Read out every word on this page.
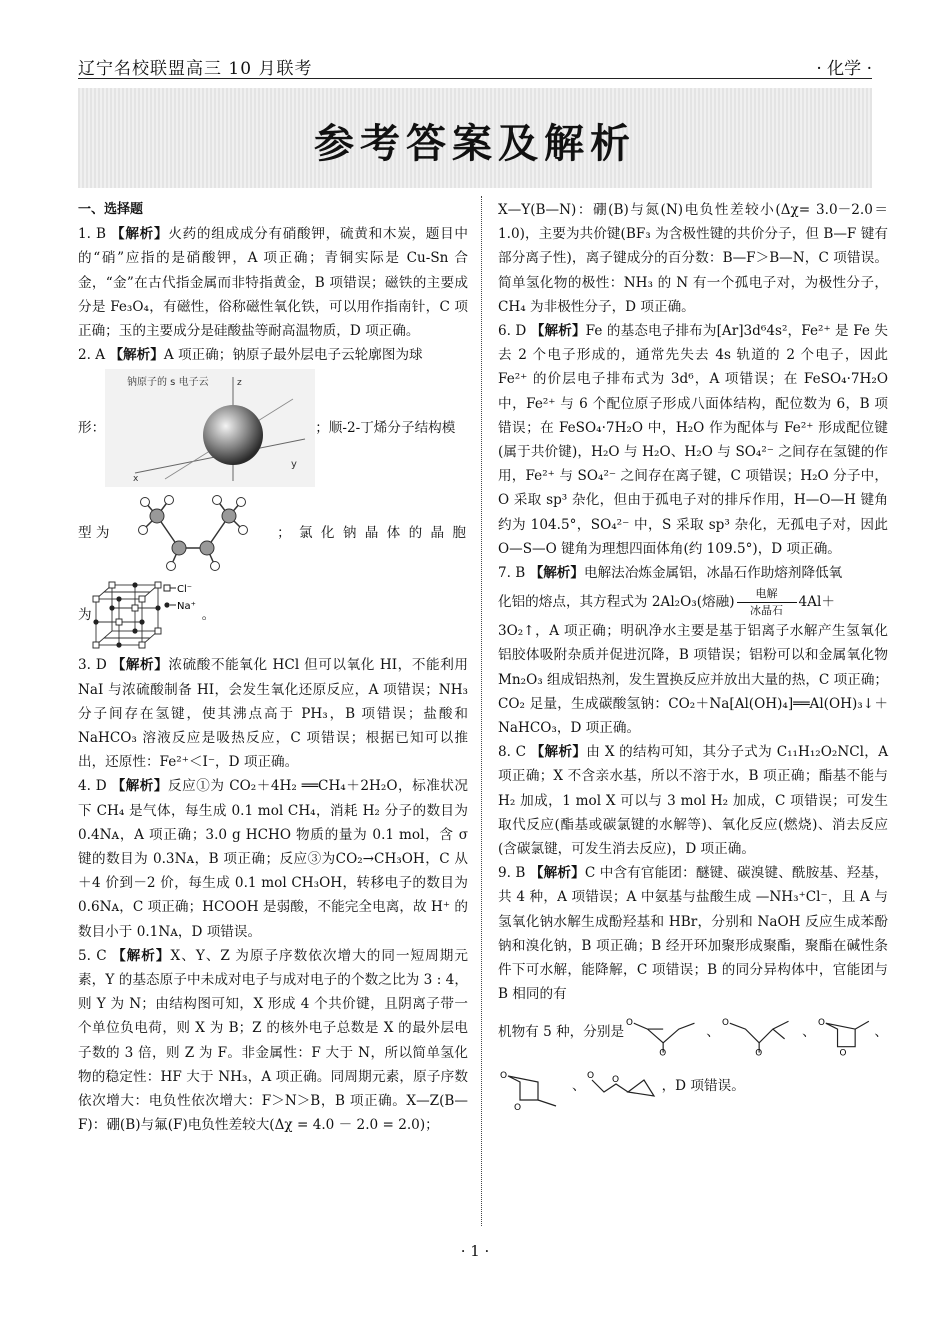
辽宁名校联盟高三 10 月联考	· 化学 ·
参考答案及解析

一、选择题

1. B 【解析】火药的组成成分有硝酸钾，硫黄和木炭，题目中的“硝”应指的是硝酸钾，A 项正确；青铜实际是 Cu-Sn 合金，“金”在古代指金属而非特指黄金，B 项错误；磁铁的主要成分是 Fe₃O₄，有磁性，俗称磁性氧化铁，可以用作指南针，C 项正确；玉的主要成分是硅酸盐等耐高温物质，D 项正确。

2. A 【解析】A 项正确；钠原子最外层电子云轮廓图为球

形：
钠原子的 s 电子云
y
z
x
；顺-2-丁烯分子结构模
型 为	； 氯 化 钠 晶 体 的 晶 胞
为
Cl⁻
Na⁺
。

3. D 【解析】浓硫酸不能氧化 HCl 但可以氧化 HI，不能利用 NaI 与浓硫酸制备 HI，会发生氧化还原反应，A 项错误；NH₃ 分子间存在氢键，使其沸点高于 PH₃，B 项错误；盐酸和 NaHCO₃ 溶液反应是吸热反应，C 项错误；根据已知可以推出，还原性：Fe²⁺＜I⁻，D 项正确。

4. D 【解析】反应①为 CO₂＋4H₂ ══CH₄＋2H₂O，标准状况下 CH₄ 是气体，每生成 0.1 mol CH₄，消耗 H₂ 分子的数目为 0.4Nᴀ，A 项正确；3.0 g HCHO 物质的量为 0.1 mol，含 σ 键的数目为 0.3Nᴀ，B 项正确；反应③为CO₂→CH₃OH，C 从＋4 价到－2 价，每生成 0.1 mol CH₃OH，转移电子的数目为 0.6Nᴀ，C 项正确；HCOOH 是弱酸，不能完全电离，故 H⁺ 的数目小于 0.1Nᴀ，D 项错误。

5. C 【解析】X、Y、Z 为原子序数依次增大的同一短周期元素，Y 的基态原子中未成对电子与成对电子的个数之比为 3 : 4，则 Y 为 N；由结构图可知，X 形成 4 个共价键，且阴离子带一个单位负电荷，则 X 为 B；Z 的核外电子总数是 X 的最外层电子数的 3 倍，则 Z 为 F。非金属性：F 大于 N，所以简单氢化物的稳定性：HF 大于 NH₃，A 项正确。同周期元素，原子序数依次增大：电负性依次增大：F＞N＞B，B 项正确。X—Z(B—F)：硼(B)与氟(F)电负性差较大(Δχ = 4.0 － 2.0 = 2.0)；

X—Y(B—N)：硼(B)与氮(N)电负性差较小(Δχ= 3.0－2.0＝1.0)，主要为共价键(BF₃ 为含极性键的共价分子，但 B—F 键有部分离子性)，离子键成分的百分数：B—F＞B—N，C 项错误。简单氢化物的极性：NH₃ 的 N 有一个孤电子对，为极性分子，CH₄ 为非极性分子，D 项正确。

6. D 【解析】Fe 的基态电子排布为[Ar]3d⁶4s²，Fe²⁺ 是 Fe 失去 2 个电子形成的，通常先失去 4s 轨道的 2 个电子，因此 Fe²⁺ 的价层电子排布式为 3d⁶，A 项错误；在 FeSO₄·7H₂O 中，Fe²⁺ 与 6 个配位原子形成八面体结构，配位数为 6，B 项错误；在 FeSO₄·7H₂O 中，H₂O 作为配体与 Fe²⁺ 形成配位键(属于共价键)，H₂O 与 H₂O、H₂O 与 SO₄²⁻ 之间存在氢键的作用，Fe²⁺ 与 SO₄²⁻ 之间存在离子键，C 项错误；H₂O 分子中，O 采取 sp³ 杂化，但由于孤电子对的排斥作用，H—O—H 键角约为 104.5°，SO₄²⁻ 中，S 采取 sp³ 杂化，无孤电子对，因此 O—S—O 键角为理想四面体角(约 109.5°)，D 项正确。

7. B 【解析】电解法冶炼金属铝，冰晶石作助熔剂降低氧

化铝的熔点，其方程式为 2Al₂O₃(熔融) $\frac{\text{电解}}{\text{冰晶石}} 4Al+$

3O₂↑，A 项正确；明矾净水主要是基于铝离子水解产生氢氧化铝胶体吸附杂质并促进沉降，B 项错误；铝粉可以和金属氧化物 Mn₂O₃ 组成铝热剂，发生置换反应并放出大量的热，C 项正确；CO₂ 足量，生成碳酸氢钠：CO₂＋Na[Al(OH)₄]══Al(OH)₃↓＋NaHCO₃，D 项正确。

8. C 【解析】由 X 的结构可知，其分子式为 C₁₁H₁₂O₂NCl，A 项正确；X 不含亲水基，所以不溶于水，B 项正确；酯基不能与 H₂ 加成，1 mol X 可以与 3 mol H₂ 加成，C 项错误；可发生取代反应(酯基或碳氯键的水解等)、氧化反应(燃烧)、消去反应(含碳氯键，可发生消去反应)，D 项正确。

9. B 【解析】C 中含有官能团：醚键、碳溴键、酰胺基、羟基，共 4 种，A 项错误；A 中氨基与盐酸生成 —NH₃⁺Cl⁻，且 A 与氢氧化钠水解生成酚羟基和 HBr，分别和 NaOH 反应生成苯酚钠和溴化钠，B 项正确；B 经开环加聚形成聚酯，聚酯在碱性条件下可水解，能降解，C 项错误；B 的同分异构体中，官能团与 B 相同的有

机物有 5 种，分别是
O
O
、
O
O
、
O
O
、
O
O
、
O O	，D 项错误。
· 1 ·
